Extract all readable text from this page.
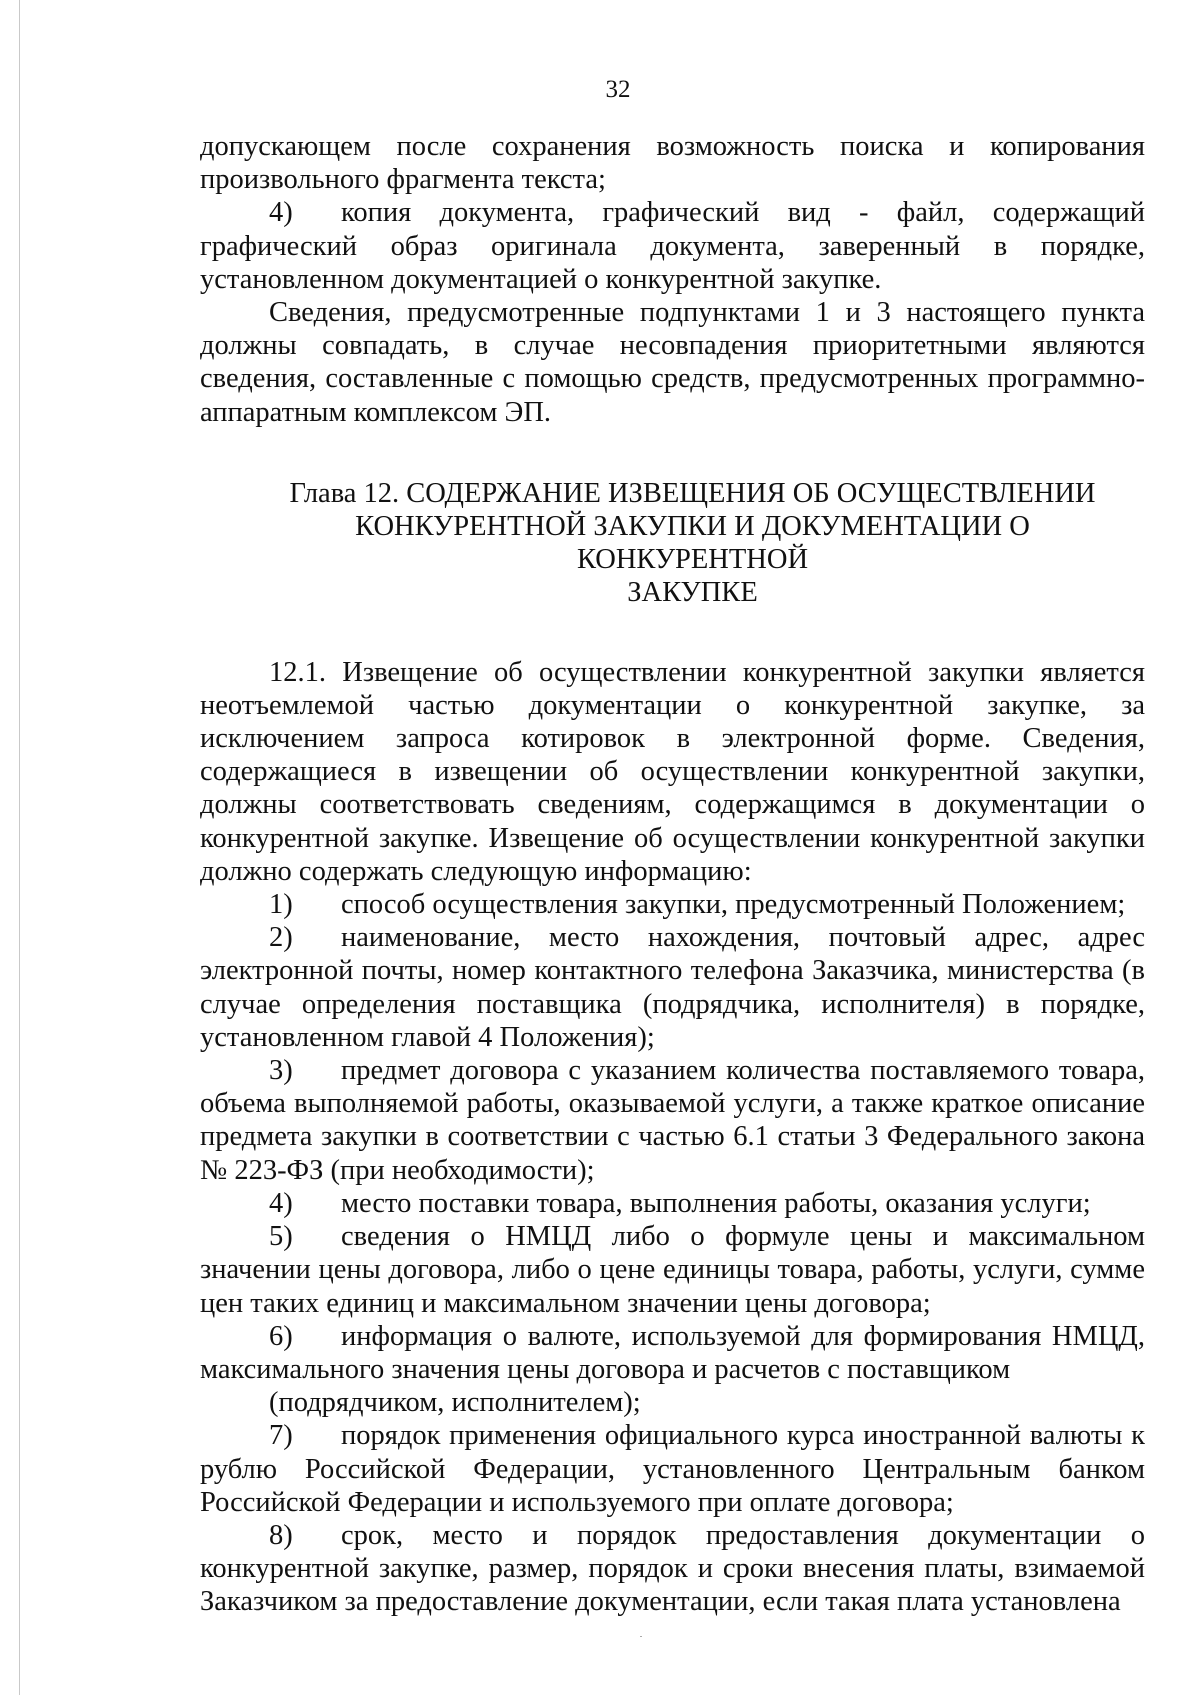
32

допускающем после сохранения возможность поиска и копирования произвольного фрагмента текста;

4) копия документа, графический вид - файл, содержащий графический образ оригинала документа, заверенный в порядке, установленном документацией о конкурентной закупке.

Сведения, предусмотренные подпунктами 1 и 3 настоящего пункта должны совпадать, в случае несовпадения приоритетными являются сведения, составленные с помощью средств, предусмотренных программно-аппаратным комплексом ЭП.

Глава 12. СОДЕРЖАНИЕ ИЗВЕЩЕНИЯ ОБ ОСУЩЕСТВЛЕНИИ
КОНКУРЕНТНОЙ ЗАКУПКИ И ДОКУМЕНТАЦИИ О КОНКУРЕНТНОЙ
ЗАКУПКЕ

12.1. Извещение об осуществлении конкурентной закупки является неотъемлемой частью документации о конкурентной закупке, за исключением запроса котировок в электронной форме. Сведения, содержащиеся в извещении об осуществлении конкурентной закупки, должны соответствовать сведениям, содержащимся в документации о конкурентной закупке. Извещение об осуществлении конкурентной закупки должно содержать следующую информацию:

1) способ осуществления закупки, предусмотренный Положением;

2) наименование, место нахождения, почтовый адрес, адрес электронной почты, номер контактного телефона Заказчика, министерства (в случае определения поставщика (подрядчика, исполнителя) в порядке, установленном главой 4 Положения);

3) предмет договора с указанием количества поставляемого товара, объема выполняемой работы, оказываемой услуги, а также краткое описание предмета закупки в соответствии с частью 6.1 статьи 3 Федерального закона № 223-ФЗ (при необходимости);

4) место поставки товара, выполнения работы, оказания услуги;

5) сведения о НМЦД либо о формуле цены и максимальном значении цены договора, либо о цене единицы товара, работы, услуги, сумме цен таких единиц и максимальном значении цены договора;

6) информация о валюте, используемой для формирования НМЦД, максимального значения цены договора и расчетов с поставщиком

(подрядчиком, исполнителем);

7) порядок применения официального курса иностранной валюты к рублю Российской Федерации, установленного Центральным банком Российской Федерации и используемого при оплате договора;

8) срок, место и порядок предоставления документации о конкурентной закупке, размер, порядок и сроки внесения платы, взимаемой Заказчиком за предоставление документации, если такая плата установлена
